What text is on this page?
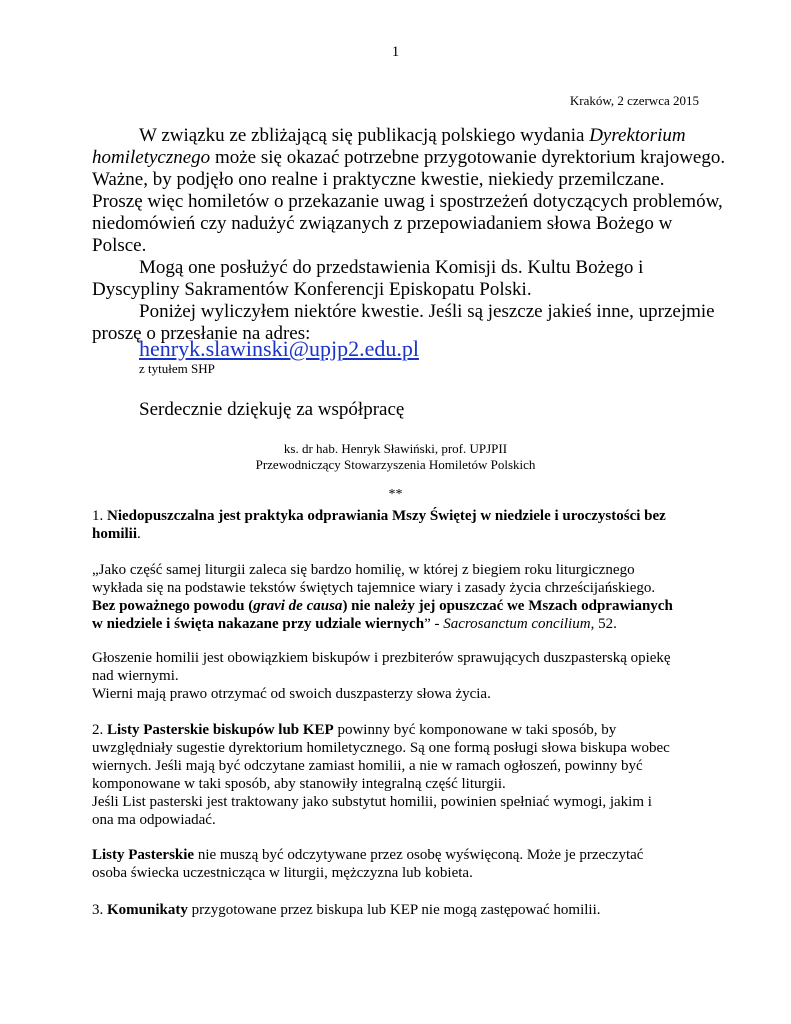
1
Kraków, 2 czerwca 2015

W związku ze zbliżającą się publikacją polskiego wydania Dyrektorium

homiletycznego może się okazać potrzebne przygotowanie dyrektorium krajowego.

Ważne, by podjęło ono realne i praktyczne kwestie, niekiedy przemilczane.

Proszę więc homiletów o przekazanie uwag i spostrzeżeń dotyczących problemów,

niedomówień czy nadużyć związanych z przepowiadaniem słowa Bożego w

Polsce.

Mogą one posłużyć do przedstawienia Komisji ds. Kultu Bożego i

Dyscypliny Sakramentów Konferencji Episkopatu Polski.

Poniżej wyliczyłem niektóre kwestie. Jeśli są jeszcze jakieś inne, uprzejmie

proszę o przesłanie na adres:

henryk.slawinski@upjp2.edu.pl
z tytułem SHP
Serdecznie dziękuję za współpracę
ks. dr hab. Henryk Sławiński, prof. UPJPII
Przewodniczący Stowarzyszenia Homiletów Polskich
**

1. Niedopuszczalna jest praktyka odprawiania Mszy Świętej w niedziele i uroczystości bez

homilii.

„Jako część samej liturgii zaleca się bardzo homilię, w której z biegiem roku liturgicznego

wykłada się na podstawie tekstów świętych tajemnice wiary i zasady życia chrześcijańskiego.

Bez poważnego powodu (gravi de causa) nie należy jej opuszczać we Mszach odprawianych

w niedziele i święta nakazane przy udziale wiernych” - Sacrosanctum concilium, 52.

Głoszenie homilii jest obowiązkiem biskupów i prezbiterów sprawujących duszpasterską opiekę

nad wiernymi.

Wierni mają prawo otrzymać od swoich duszpasterzy słowa życia.

2. Listy Pasterskie biskupów lub KEP powinny być komponowane w taki sposób, by

uwzględniały sugestie dyrektorium homiletycznego. Są one formą posługi słowa biskupa wobec

wiernych. Jeśli mają być odczytane zamiast homilii, a nie w ramach ogłoszeń, powinny być

komponowane w taki sposób, aby stanowiły integralną część liturgii.

Jeśli List pasterski jest traktowany jako substytut homilii, powinien spełniać wymogi, jakim i

ona ma odpowiadać.

Listy Pasterskie nie muszą być odczytywane przez osobę wyświęconą. Może je przeczytać

osoba świecka uczestnicząca w liturgii, mężczyzna lub kobieta.

3. Komunikaty przygotowane przez biskupa lub KEP nie mogą zastępować homilii.
